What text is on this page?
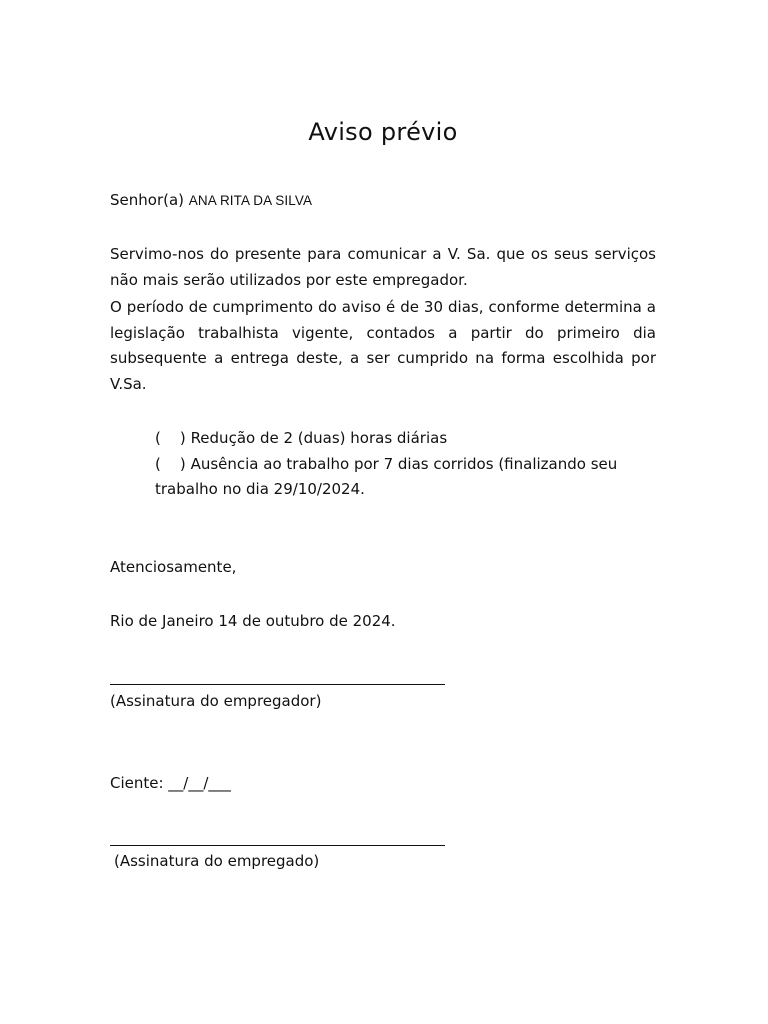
Aviso prévio
Senhor(a) ANA RITA DA SILVA
Servimo-nos do presente para comunicar a V. Sa. que os seus serviços não mais serão utilizados por este empregador.
O período de cumprimento do aviso é de 30 dias, conforme determina a legislação trabalhista vigente, contados a partir do primeiro dia subsequente a entrega deste, a ser cumprido na forma escolhida por V.Sa.
(    ) Redução de 2 (duas) horas diárias
(    ) Ausência ao trabalho por 7 dias corridos (finalizando seu trabalho no dia 29/10/2024.
Atenciosamente,
Rio de Janeiro 14 de outubro de 2024.
(Assinatura do empregador)
Ciente: __/__/___
(Assinatura do empregado)
